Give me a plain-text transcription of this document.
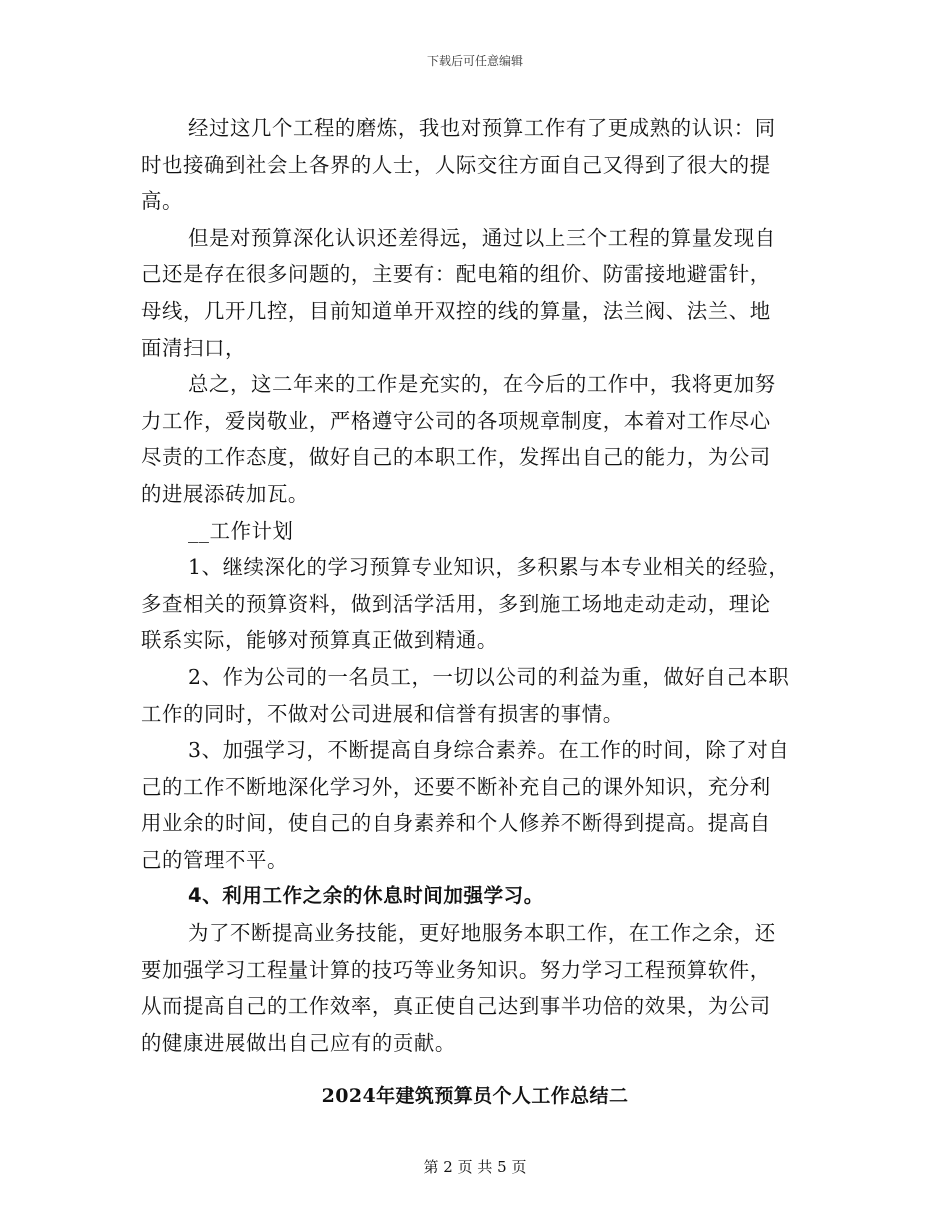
下载后可任意编辑
经过这几个工程的磨炼，我也对预算工作有了更成熟的认识：同
时也接确到社会上各界的人士，人际交往方面自己又得到了很大的提
高。
但是对预算深化认识还差得远，通过以上三个工程的算量发现自
己还是存在很多问题的，主要有：配电箱的组价、防雷接地避雷针，
母线，几开几控，目前知道单开双控的线的算量，法兰阀、法兰、地
面清扫口，
总之，这二年来的工作是充实的，在今后的工作中，我将更加努
力工作，爱岗敬业，严格遵守公司的各项规章制度，本着对工作尽心
尽责的工作态度，做好自己的本职工作，发挥出自己的能力，为公司
的进展添砖加瓦。
__工作计划
1、继续深化的学习预算专业知识，多积累与本专业相关的经验，
多查相关的预算资料，做到活学活用，多到施工场地走动走动，理论
联系实际，能够对预算真正做到精通。
2、作为公司的一名员工，一切以公司的利益为重，做好自己本职
工作的同时，不做对公司进展和信誉有损害的事情。
3、加强学习，不断提高自身综合素养。在工作的时间，除了对自
己的工作不断地深化学习外，还要不断补充自己的课外知识，充分利
用业余的时间，使自己的自身素养和个人修养不断得到提高。提高自
己的管理不平。
4、利用工作之余的休息时间加强学习。
为了不断提高业务技能，更好地服务本职工作，在工作之余，还
要加强学习工程量计算的技巧等业务知识。努力学习工程预算软件，
从而提高自己的工作效率，真正使自己达到事半功倍的效果，为公司
的健康进展做出自己应有的贡献。
2024年建筑预算员个人工作总结二
第 2 页 共 5 页
